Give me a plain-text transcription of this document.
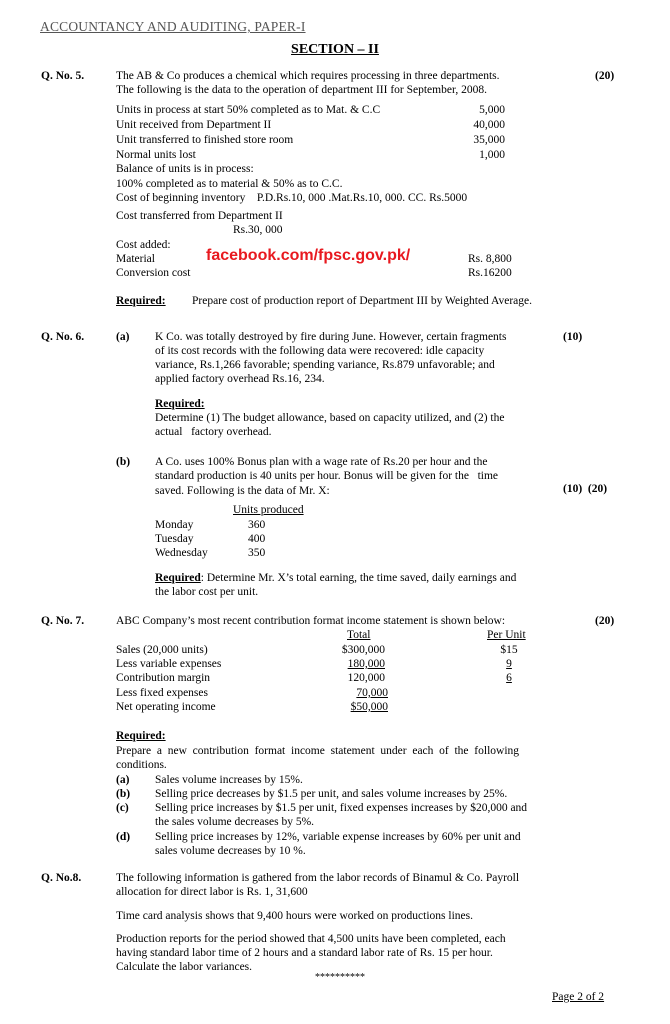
ACCOUNTANCY AND AUDITING, PAPER-I
SECTION – II
Q. No. 5.	(20)
The AB & Co produces a chemical which requires processing in three departments.
The following is the data to the operation of department III for September, 2008.
Units in process at start 50% completed as to Mat. & C.C	5,000
Unit received from Department II	40,000
Unit transferred to finished store room	35,000
Normal units lost	1,000
Balance of units is in process:
100% completed as to material & 50% as to C.C.
Cost of beginning inventory    P.D.Rs.10, 000 .Mat.Rs.10, 000. CC. Rs.5000
Cost transferred from Department II
Rs.30, 000
Cost added:
Material	Rs. 8,800
Conversion cost	Rs.16200
facebook.com/fpsc.gov.pk/
Required: Prepare cost of production report of Department III by Weighted Average.
Q. No. 6.	(a)	(10)
K Co. was totally destroyed by fire during June. However, certain fragments
of its cost records with the following data were recovered: idle capacity
variance, Rs.1,266 favorable; spending variance, Rs.879 unfavorable; and
applied factory overhead Rs.16, 234.
Required:
Determine (1) The budget allowance, based on capacity utilized, and (2) the
actual   factory overhead.
(b) A Co. uses 100% Bonus plan with a wage rate of Rs.20 per hour and the
standard production is 40 units per hour. Bonus will be given for the   time
saved. Following is the data of Mr. X:	(10)  (20)
Units produced
Monday	360
Tuesday	400
Wednesday	350
Required: Determine Mr. X’s total earning, the time saved, daily earnings and
the labor cost per unit.
Q. No. 7.	(20)
ABC Company’s most recent contribution format income statement is shown below:
Total	Per Unit
Sales (20,000 units)	$300,000	$15
Less variable expenses	180,000	9
Contribution margin	120,000	6
Less fixed expenses	70,000
Net operating income	$50,000
Required:
Prepare  a  new  contribution  format  income  statement  under  each  of  the  following
conditions.
(a) Sales volume increases by 15%.
(b) Selling price decreases by $1.5 per unit, and sales volume increases by 25%.
(c) Selling price increases by $1.5 per unit, fixed expenses increases by $20,000 and
the sales volume decreases by 5%.
(d) Selling price increases by 12%, variable expense increases by 60% per unit and
sales volume decreases by 10 %.
Q. No.8.	The following information is gathered from the labor records of Binamul & Co. Payroll
allocation for direct labor is Rs. 1, 31,600
Time card analysis shows that 9,400 hours were worked on productions lines.
Production reports for the period showed that 4,500 units have been completed, each
having standard labor time of 2 hours and a standard labor rate of Rs. 15 per hour.
Calculate the labor variances.
**********
Page 2 of 2
